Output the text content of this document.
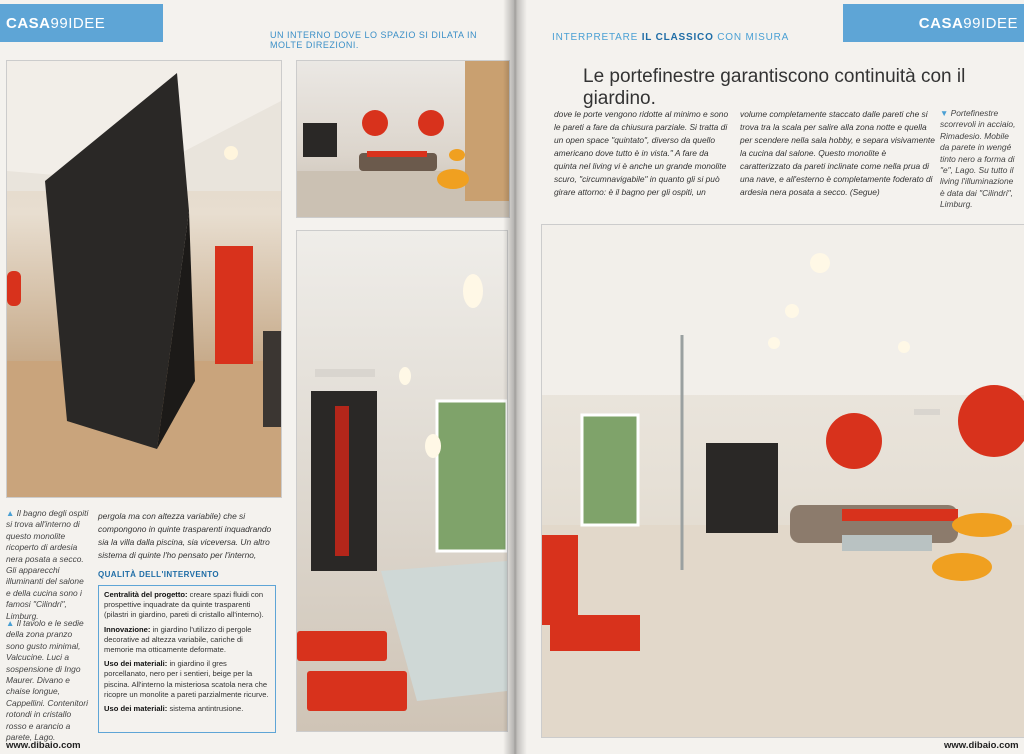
CASA99IDEE
UN INTERNO DOVE LO SPAZIO SI DILATA IN MOLTE DIREZIONI.
▲ Il bagno degli ospiti si trova all'interno di questo monolite ricoperto di ardesia nera posata a secco. Gli apparecchi illuminanti del salone e della cucina sono i famosi "Cilindri", Limburg.
▲ Il tavolo e le sedie della zona pranzo sono gusto minimal, Valcucine. Luci a sospensione di Ingo Maurer. Divano e chaise longue, Cappellini. Contenitori rotondi in cristallo rosso e arancio a parete, Lago.
pergola ma con altezza variabile) che si compongono in quinte trasparenti inquadrando sia la villa dalla piscina, sia viceversa. Un altro sistema di quinte l'ho pensato per l'interno,
QUALITÀ DELL'INTERVENTO

Centralità del progetto: creare spazi fluidi con prospettive inquadrate da quinte trasparenti (pilastri in giardino, pareti di cristallo all'interno).

Innovazione: in giardino l'utilizzo di pergole decorative ad altezza variabile, cariche di memorie ma otticamente deformate.

Uso dei materiali: in giardino il gres porcellanato, nero per i sentieri, beige per la piscina. All'interno la misteriosa scatola nera che ricopre un monolite a pareti parzialmente ricurve.

Uso dei materiali: sistema antintrusione.

www.dibaio.com
CASA99IDEE
INTERPRETARE IL CLASSICO CON MISURA
Le portefinestre garantiscono continuità con il giardino.
dove le porte vengono ridotte al minimo e sono le pareti a fare da chiusura parziale. Si tratta di un open space "quintato", diverso da quello americano dove tutto è in vista." A fare da quinta nel living vi è anche un grande monolite scuro, "circumnavigabile" in quanto gli si può girare attorno: è il bagno per gli ospiti, un
volume completamente staccato dalle pareti che si trova tra la scala per salire alla zona notte e quella per scendere nella sala hobby, e separa visivamente la cucina dal salone. Questo monolite è caratterizzato da pareti inclinate come nella prua di una nave, e all'esterno è completamente foderato di ardesia nera posata a secco. (Segue)
▼ Portefinestre scorrevoli in acciaio, Rimadesio. Mobile da parete in wengé tinto nero a forma di "e", Lago. Su tutto il living l'illuminazione è data dai "Cilindri", Limburg.
www.dibaio.com
